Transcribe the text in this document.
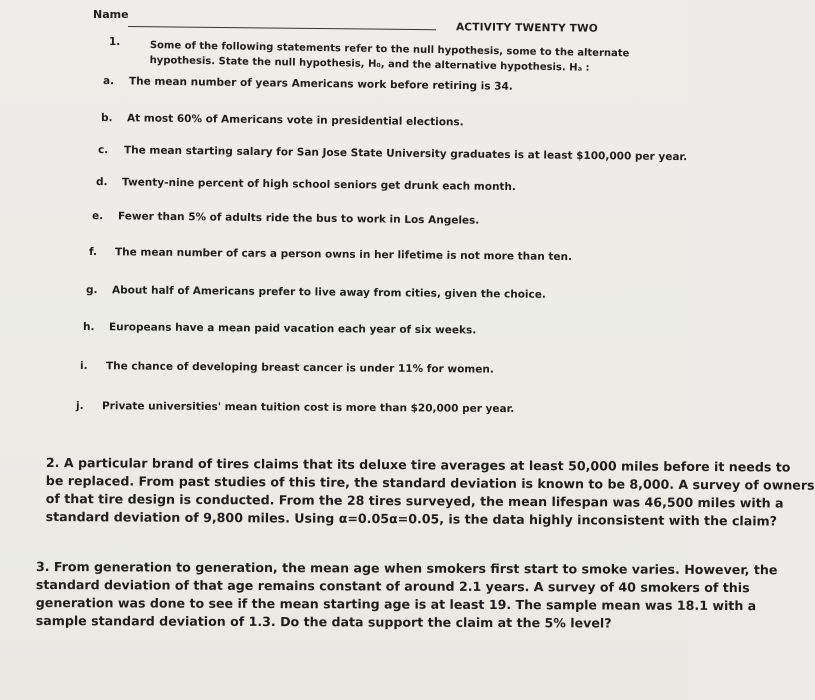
Name
ACTIVITY TWENTY TWO
1.	Some of the following statements refer to the null hypothesis, some to the alternate
hypothesis. State the null hypothesis, H₀, and the alternative hypothesis. Hₐ :
a. The mean number of years Americans work before retiring is 34.
b. At most 60% of Americans vote in presidential elections.
c. The mean starting salary for San Jose State University graduates is at least $100,000 per year.
d. Twenty-nine percent of high school seniors get drunk each month.
e. Fewer than 5% of adults ride the bus to work in Los Angeles.
f. The mean number of cars a person owns in her lifetime is not more than ten.
g. About half of Americans prefer to live away from cities, given the choice.
h. Europeans have a mean paid vacation each year of six weeks.
i. The chance of developing breast cancer is under 11% for women.
j. Private universities' mean tuition cost is more than $20,000 per year.
2. A particular brand of tires claims that its deluxe tire averages at least 50,000 miles before it needs to
be replaced. From past studies of this tire, the standard deviation is known to be 8,000. A survey of owners
of that tire design is conducted. From the 28 tires surveyed, the mean lifespan was 46,500 miles with a
standard deviation of 9,800 miles. Using α=0.05α=0.05, is the data highly inconsistent with the claim?
3. From generation to generation, the mean age when smokers first start to smoke varies. However, the
standard deviation of that age remains constant of around 2.1 years. A survey of 40 smokers of this
generation was done to see if the mean starting age is at least 19. The sample mean was 18.1 with a
sample standard deviation of 1.3. Do the data support the claim at the 5% level?
